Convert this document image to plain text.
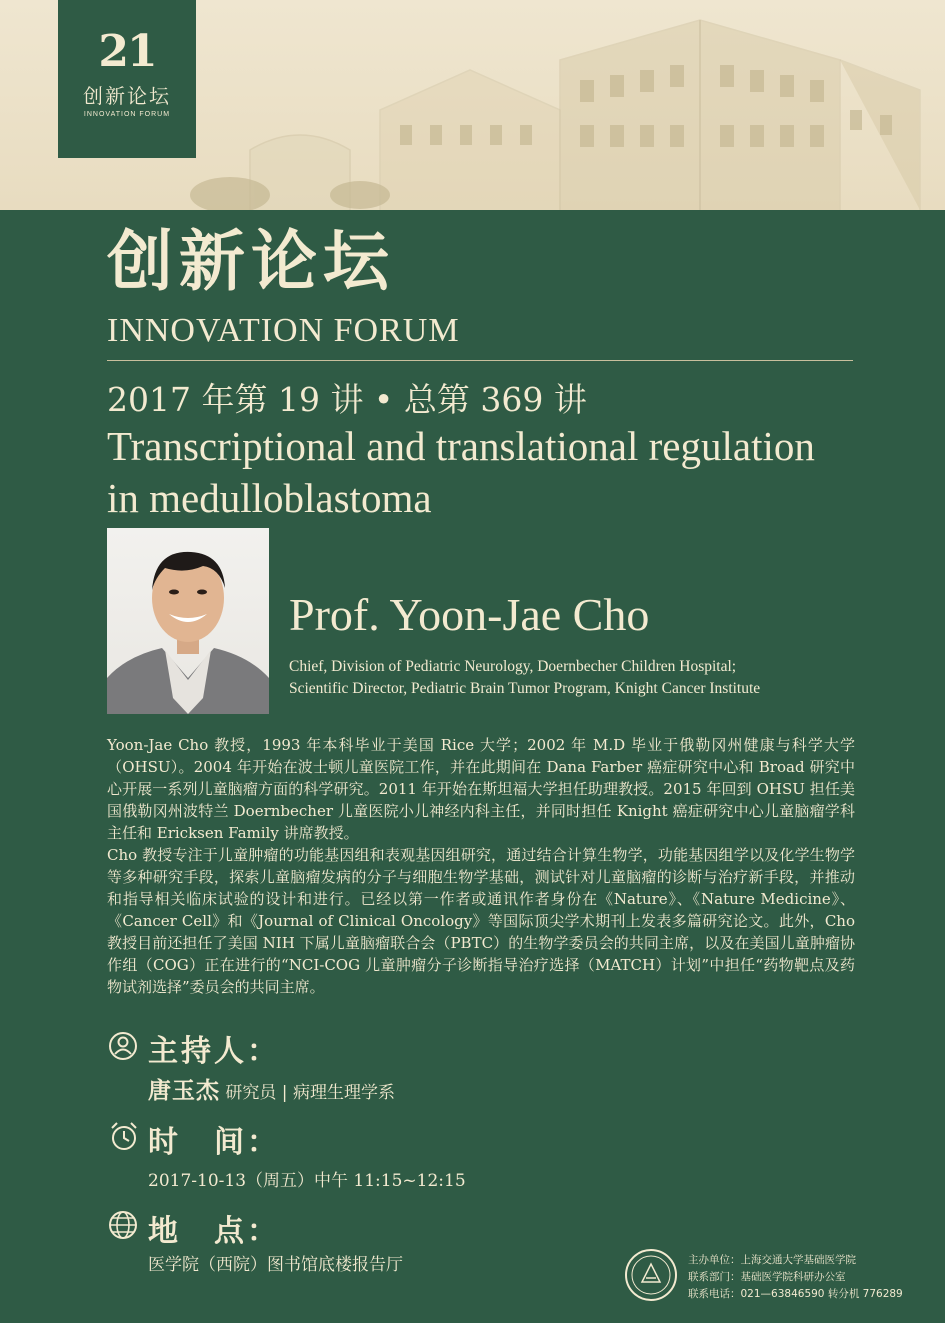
21
创新论坛
INNOVATION FORUM
创新论坛
INNOVATION FORUM
2017 年第 19 讲 • 总第 369 讲
Transcriptional and translational regulation
in medulloblastoma
Prof. Yoon-Jae Cho
Chief, Division of Pediatric Neurology, Doernbecher Children Hospital;
Scientific Director, Pediatric Brain Tumor Program, Knight Cancer Institute

Yoon-Jae Cho 教授，1993 年本科毕业于美国 Rice 大学；2002 年 M.D 毕业于俄勒冈州健康与科学大学（OHSU）。2004 年开始在波士顿儿童医院工作，并在此期间在 Dana Farber 癌症研究中心和 Broad 研究中心开展一系列儿童脑瘤方面的科学研究。2011 年开始在斯坦福大学担任助理教授。2015 年回到 OHSU 担任美国俄勒冈州波特兰 Doernbecher 儿童医院小儿神经内科主任，并同时担任 Knight 癌症研究中心儿童脑瘤学科主任和 Ericksen Family 讲席教授。

Cho 教授专注于儿童肿瘤的功能基因组和表观基因组研究，通过结合计算生物学，功能基因组学以及化学生物学等多种研究手段，探索儿童脑瘤发病的分子与细胞生物学基础，测试针对儿童脑瘤的诊断与治疗新手段，并推动和指导相关临床试验的设计和进行。已经以第一作者或通讯作者身份在《Nature》、《Nature Medicine》、《Cancer Cell》和《Journal of Clinical Oncology》等国际顶尖学术期刊上发表多篇研究论文。此外，Cho 教授目前还担任了美国 NIH 下属儿童脑瘤联合会（PBTC）的生物学委员会的共同主席，以及在美国儿童肿瘤协作组（COG）正在进行的“NCI-COG 儿童肿瘤分子诊断指导治疗选择（MATCH）计划”中担任“药物靶点及药物试剂选择”委员会的共同主席。

主持人：
唐玉杰 研究员 | 病理生理学系
时　间：
2017-10-13（周五）中午 11:15~12:15
地　点：
医学院（西院）图书馆底楼报告厅	主办单位：上海交通大学基础医学院
联系部门：基础医学院科研办公室
联系电话：021—63846590 转分机 776289
